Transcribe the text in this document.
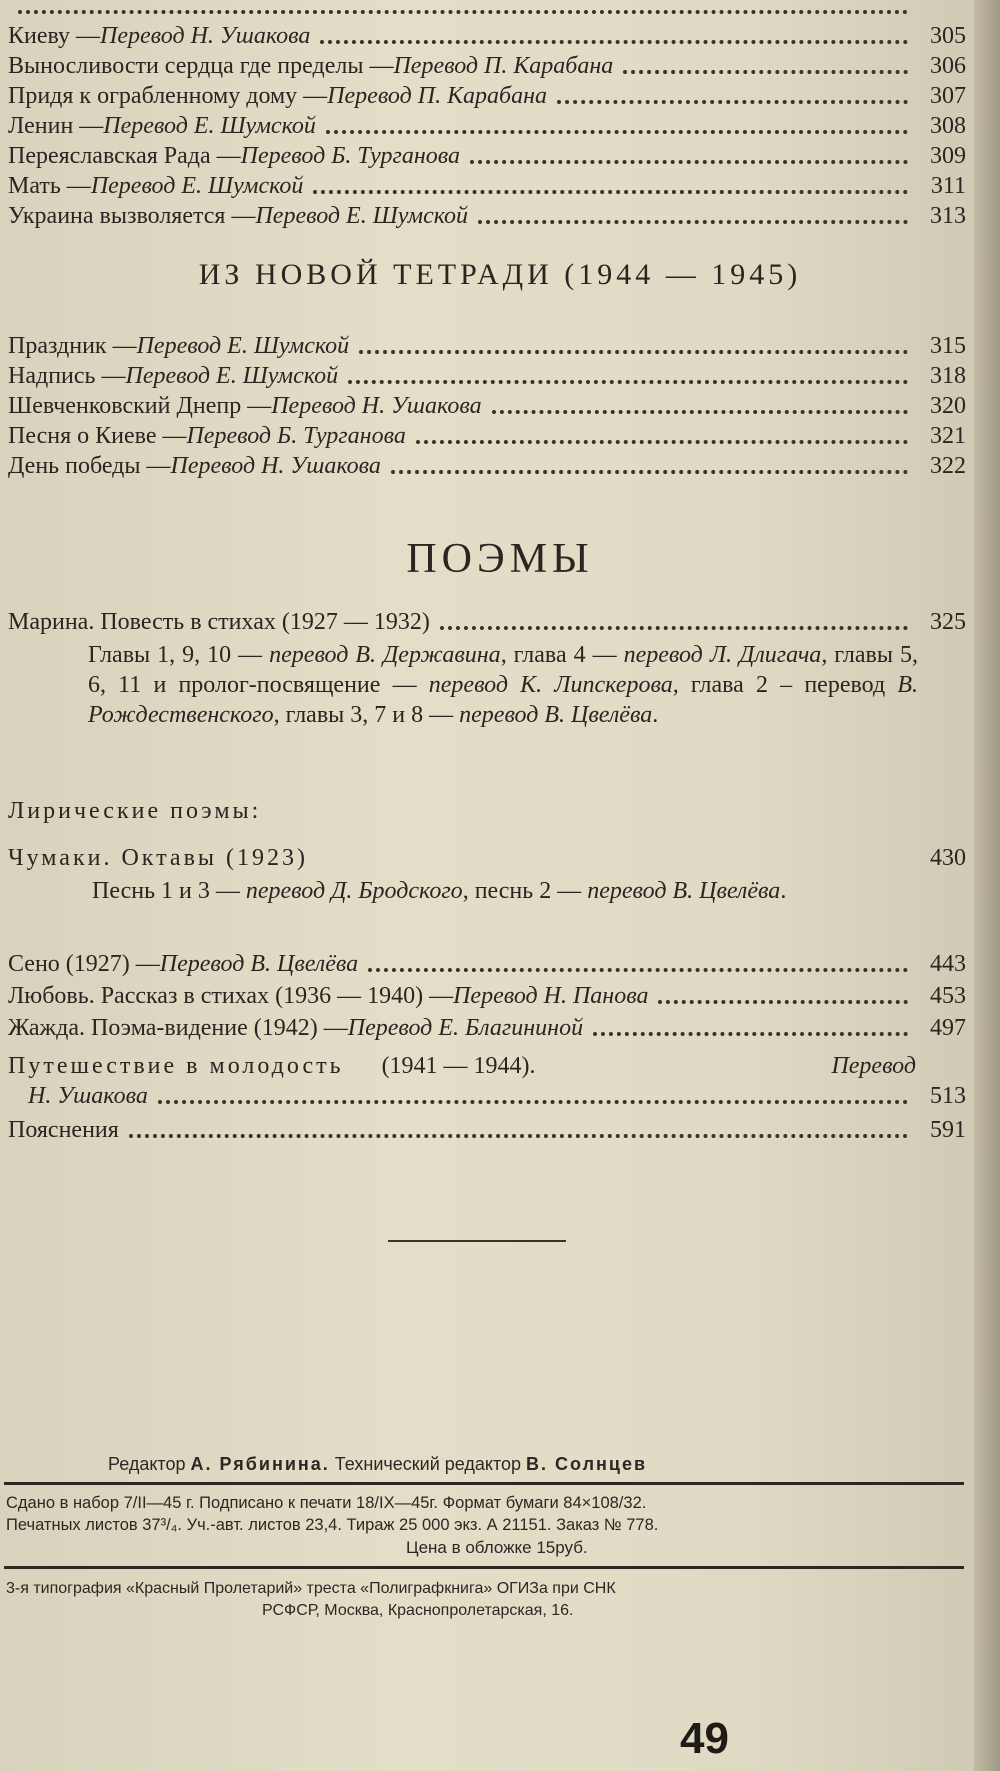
Киеву — Перевод Н. Ушакова	305
Выносливости сердца где пределы — Перевод П. Карабана	306
Придя к ограбленному дому — Перевод П. Карабана	307
Ленин — Перевод Е. Шумской	308
Переяславская Рада — Перевод Б. Турганова	309
Мать — Перевод Е. Шумской	311
Украина вызволяется — Перевод Е. Шумской	313
ИЗ НОВОЙ ТЕТРАДИ (1944 — 1945)
Праздник — Перевод Е. Шумской	315
Надпись — Перевод Е. Шумской	318
Шевченковский Днепр — Перевод Н. Ушакова	320
Песня о Киеве — Перевод Б. Турганова	321
День победы — Перевод Н. Ушакова	322
ПОЭМЫ
Марина. Повесть в стихах (1927 — 1932)	325
Главы 1, 9, 10 — перевод В. Державина, глава 4 — перевод Л. Длигача, главы 5, 6, 11 и пролог-посвящение — перевод К. Липскерова, глава 2 – перевод В. Рождественского, главы 3, 7 и 8 — перевод В. Цвелёва.
Лирические поэмы:
Чумаки. Октавы (1923)	430
Песнь 1 и 3 — перевод Д. Бродского, песнь 2 — перевод В. Цвелёва.
Сено (1927) — Перевод В. Цвелёва	443
Любовь. Рассказ в стихах (1936 — 1940) — Перевод Н. Панова	453
Жажда. Поэма-видение (1942) — Перевод Е. Благининой	497
Путешествие в молодость (1941 — 1944).	Перевод
Н. Ушакова	513
Пояснения	591
Редактор А. Рябинина. Технический редактор В. Солнцев
Сдано в набор 7/II—45 г. Подписано к печати 18/IX—45г. Формат бумаги 84×108/32.
Печатных листов 37³/₄. Уч.-авт. листов 23,4. Тираж 25 000 экз. А 21151. Заказ № 778.
Цена в обложке 15руб.
3-я типография «Красный Пролетарий» треста «Полиграфкнига» ОГИЗа при СНК
РСФСР, Москва, Краснопролетарская, 16.
49
